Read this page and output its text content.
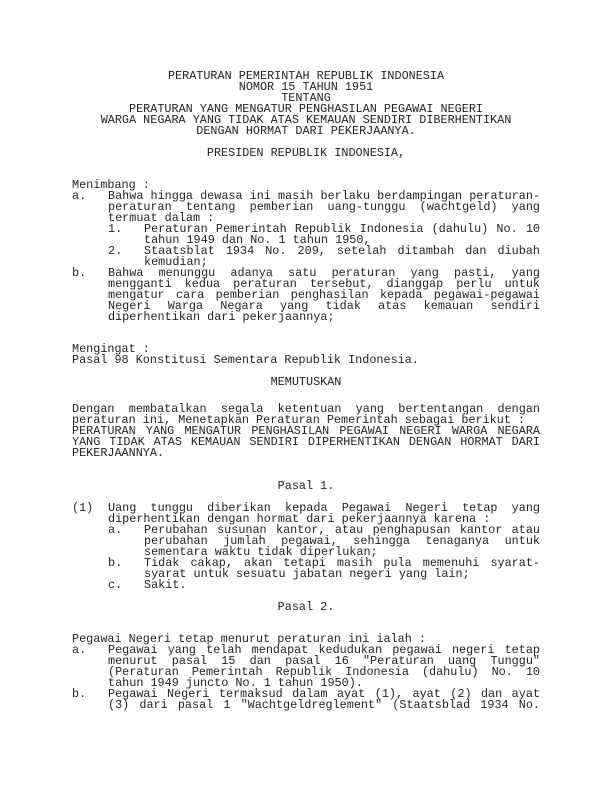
PERATURAN PEMERINTAH REPUBLIK INDONESIA
NOMOR 15 TAHUN 1951
TENTANG
PERATURAN YANG MENGATUR PENGHASILAN PEGAWAI NEGERI
WARGA NEGARA YANG TIDAK ATAS KEMAUAN SENDIRI DIBERHENTIKAN
DENGAN HORMAT DARI PEKERJAANYA.
PRESIDEN REPUBLIK INDONESIA,
Menimbang :
a. Bahwa hingga dewasa ini masih berlaku berdampingan peraturan-
peraturan tentang pemberian uang-tunggu (wachtgeld) yang
termuat dalam :
1. Peraturan Pemerintah Republik Indonesia (dahulu) No. 10
tahun 1949 dan No. 1 tahun 1950,
2. Staatsblat 1934 No. 209, setelah ditambah dan diubah
kemudian;
b. Bahwa menunggu adanya satu peraturan yang pasti, yang
mengganti kedua peraturan tersebut, dianggap perlu untuk
mengatur cara pemberian penghasilan kepada pegawai-pegawai
Negeri Warga Negara yang tidak atas kemauan sendiri
diperhentikan dari pekerjaannya;
Mengingat :
Pasal 98 Konstitusi Sementara Republik Indonesia.
MEMUTUSKAN
Dengan membatalkan segala ketentuan yang bertentangan dengan
peraturan ini, Menetapkan Peraturan Pemerintah sebagai berikut :
PERATURAN YANG MENGATUR PENGHASILAN PEGAWAI NEGERI WARGA NEGARA
YANG TIDAK ATAS KEMAUAN SENDIRI DIPERHENTIKAN DENGAN HORMAT DARI
PEKERJAANNYA.
Pasal 1.
(1) Uang tunggu diberikan kepada Pegawai Negeri tetap yang
diperhentikan dengan hormat dari pekerjaannya karena :
a. Perubahan susunan kantor, atau penghapusan kantor atau
perubahan jumlah pegawai, sehingga tenaganya untuk
sementara waktu tidak diperlukan;
b. Tidak cakap, akan tetapi masih pula memenuhi syarat-
syarat untuk sesuatu jabatan negeri yang lain;
c. Sakit.
Pasal 2.
Pegawai Negeri tetap menurut peraturan ini ialah :
a. Pegawai yang telah mendapat kedudukan pegawai negeri tetap
menurut pasal 15 dan pasal 16 "Peraturan uang Tunggu"
(Peraturan Pemerintah Republik Indonesia (dahulu) No. 10
tahun 1949 juncto No. 1 tahun 1950).
b. Pegawai Negeri termaksud dalam ayat (1), ayat (2) dan ayat
(3) dari pasal 1 "Wachtgeldreglement" (Staatsblad 1934 No.
